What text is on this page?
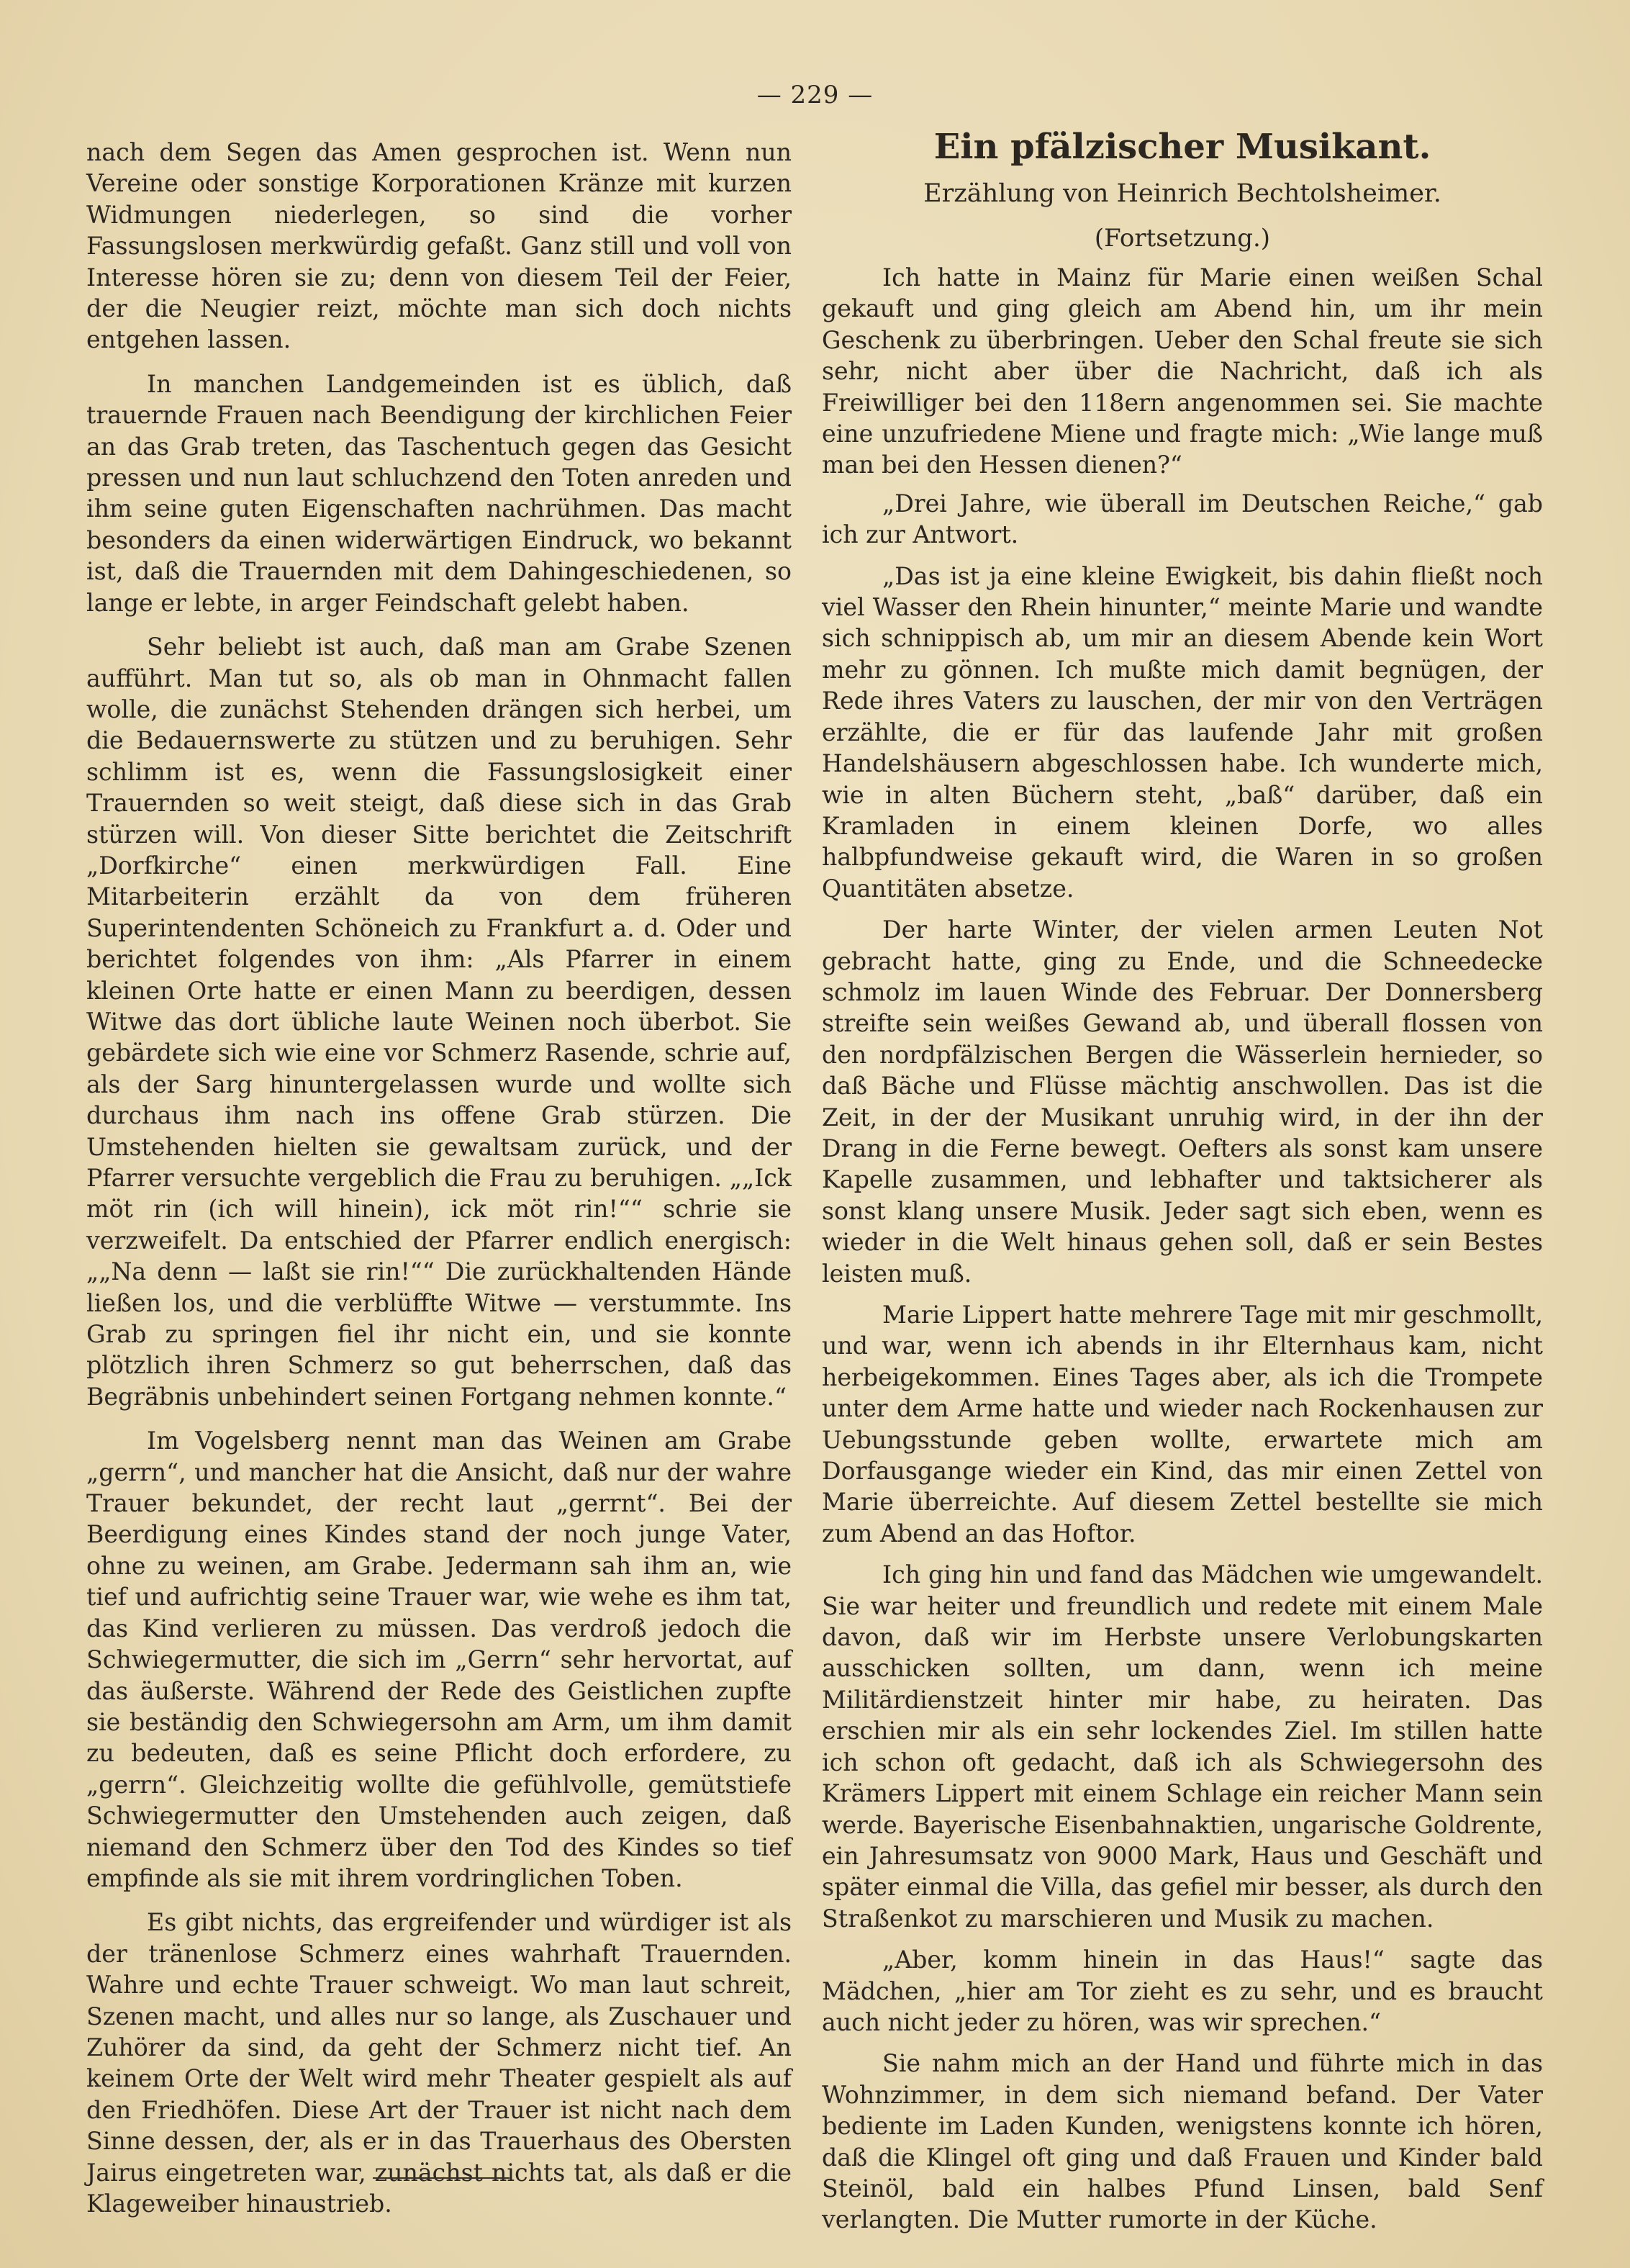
— 229 —

nach dem Segen das Amen gesprochen ist. Wenn nun Vereine oder sonstige Korporationen Kränze mit kurzen Widmungen niederlegen, so sind die vorher Fassungslosen merkwürdig gefaßt. Ganz still und voll von Interesse hören sie zu; denn von diesem Teil der Feier, der die Neugier reizt, möchte man sich doch nichts entgehen lassen.

In manchen Landgemeinden ist es üblich, daß trauernde Frauen nach Beendigung der kirchlichen Feier an das Grab treten, das Taschentuch gegen das Gesicht pressen und nun laut schluchzend den Toten anreden und ihm seine guten Eigenschaften nachrühmen. Das macht besonders da einen widerwärtigen Eindruck, wo bekannt ist, daß die Trauernden mit dem Dahingeschiedenen, so lange er lebte, in arger Feindschaft gelebt haben.

Sehr beliebt ist auch, daß man am Grabe Szenen aufführt. Man tut so, als ob man in Ohnmacht fallen wolle, die zunächst Stehenden drängen sich herbei, um die Bedauernswerte zu stützen und zu beruhigen. Sehr schlimm ist es, wenn die Fassungslosigkeit einer Trauernden so weit steigt, daß diese sich in das Grab stürzen will. Von dieser Sitte berichtet die Zeitschrift „Dorfkirche“ einen merkwürdigen Fall. Eine Mitarbeiterin erzählt da von dem früheren Superintendenten Schöneich zu Frankfurt a. d. Oder und berichtet folgendes von ihm: „Als Pfarrer in einem kleinen Orte hatte er einen Mann zu beerdigen, dessen Witwe das dort übliche laute Weinen noch überbot. Sie gebärdete sich wie eine vor Schmerz Rasende, schrie auf, als der Sarg hinuntergelassen wurde und wollte sich durchaus ihm nach ins offene Grab stürzen. Die Umstehenden hielten sie gewaltsam zurück, und der Pfarrer versuchte vergeblich die Frau zu beruhigen. „„Ick möt rin (ich will hinein), ick möt rin!““ schrie sie verzweifelt. Da entschied der Pfarrer endlich energisch: „„Na denn — laßt sie rin!““ Die zurückhaltenden Hände ließen los, und die verblüffte Witwe — verstummte. Ins Grab zu springen fiel ihr nicht ein, und sie konnte plötzlich ihren Schmerz so gut beherrschen, daß das Begräbnis unbehindert seinen Fortgang nehmen konnte.“

Im Vogelsberg nennt man das Weinen am Grabe „gerrn“, und mancher hat die Ansicht, daß nur der wahre Trauer bekundet, der recht laut „gerrnt“. Bei der Beerdigung eines Kindes stand der noch junge Vater, ohne zu weinen, am Grabe. Jedermann sah ihm an, wie tief und aufrichtig seine Trauer war, wie wehe es ihm tat, das Kind verlieren zu müssen. Das verdroß jedoch die Schwiegermutter, die sich im „Gerrn“ sehr hervortat, auf das äußerste. Während der Rede des Geistlichen zupfte sie beständig den Schwiegersohn am Arm, um ihm damit zu bedeuten, daß es seine Pflicht doch erfordere, zu „gerrn“. Gleichzeitig wollte die gefühlvolle, gemütstiefe Schwiegermutter den Umstehenden auch zeigen, daß niemand den Schmerz über den Tod des Kindes so tief empfinde als sie mit ihrem vordringlichen Toben.

Es gibt nichts, das ergreifender und würdiger ist als der tränenlose Schmerz eines wahrhaft Trauernden. Wahre und echte Trauer schweigt. Wo man laut schreit, Szenen macht, und alles nur so lange, als Zuschauer und Zuhörer da sind, da geht der Schmerz nicht tief. An keinem Orte der Welt wird mehr Theater gespielt als auf den Friedhöfen. Diese Art der Trauer ist nicht nach dem Sinne dessen, der, als er in das Trauerhaus des Obersten Jairus eingetreten war, zunächst nichts tat, als daß er die Klageweiber hinaustrieb.

Ein pfälzischer Musikant.
Erzählung von Heinrich Bechtolsheimer.
(Fortsetzung.)

Ich hatte in Mainz für Marie einen weißen Schal gekauft und ging gleich am Abend hin, um ihr mein Geschenk zu überbringen. Ueber den Schal freute sie sich sehr, nicht aber über die Nachricht, daß ich als Freiwilliger bei den 118ern angenommen sei. Sie machte eine unzufriedene Miene und fragte mich: „Wie lange muß man bei den Hessen dienen?“

„Drei Jahre, wie überall im Deutschen Reiche,“ gab ich zur Antwort.

„Das ist ja eine kleine Ewigkeit, bis dahin fließt noch viel Wasser den Rhein hinunter,“ meinte Marie und wandte sich schnippisch ab, um mir an diesem Abende kein Wort mehr zu gönnen. Ich mußte mich damit begnügen, der Rede ihres Vaters zu lauschen, der mir von den Verträgen erzählte, die er für das laufende Jahr mit großen Handelshäusern abgeschlossen habe. Ich wunderte mich, wie in alten Büchern steht, „baß“ darüber, daß ein Kramladen in einem kleinen Dorfe, wo alles halbpfundweise gekauft wird, die Waren in so großen Quantitäten absetze.

Der harte Winter, der vielen armen Leuten Not gebracht hatte, ging zu Ende, und die Schneedecke schmolz im lauen Winde des Februar. Der Donnersberg streifte sein weißes Gewand ab, und überall flossen von den nordpfälzischen Bergen die Wässerlein hernieder, so daß Bäche und Flüsse mächtig anschwollen. Das ist die Zeit, in der der Musikant unruhig wird, in der ihn der Drang in die Ferne bewegt. Oefters als sonst kam unsere Kapelle zusammen, und lebhafter und taktsicherer als sonst klang unsere Musik. Jeder sagt sich eben, wenn es wieder in die Welt hinaus gehen soll, daß er sein Bestes leisten muß.

Marie Lippert hatte mehrere Tage mit mir geschmollt, und war, wenn ich abends in ihr Elternhaus kam, nicht herbeigekommen. Eines Tages aber, als ich die Trompete unter dem Arme hatte und wieder nach Rockenhausen zur Uebungsstunde geben wollte, erwartete mich am Dorfausgange wieder ein Kind, das mir einen Zettel von Marie überreichte. Auf diesem Zettel bestellte sie mich zum Abend an das Hoftor.

Ich ging hin und fand das Mädchen wie umgewandelt. Sie war heiter und freundlich und redete mit einem Male davon, daß wir im Herbste unsere Verlobungskarten ausschicken sollten, um dann, wenn ich meine Militärdienstzeit hinter mir habe, zu heiraten. Das erschien mir als ein sehr lockendes Ziel. Im stillen hatte ich schon oft gedacht, daß ich als Schwiegersohn des Krämers Lippert mit einem Schlage ein reicher Mann sein werde. Bayerische Eisenbahnaktien, ungarische Goldrente, ein Jahresumsatz von 9000 Mark, Haus und Geschäft und später einmal die Villa, das gefiel mir besser, als durch den Straßenkot zu marschieren und Musik zu machen.

„Aber, komm hinein in das Haus!“ sagte das Mädchen, „hier am Tor zieht es zu sehr, und es braucht auch nicht jeder zu hören, was wir sprechen.“

Sie nahm mich an der Hand und führte mich in das Wohnzimmer, in dem sich niemand befand. Der Vater bediente im Laden Kunden, wenigstens konnte ich hören, daß die Klingel oft ging und daß Frauen und Kinder bald Steinöl, bald ein halbes Pfund Linsen, bald Senf verlangten. Die Mutter rumorte in der Küche.
